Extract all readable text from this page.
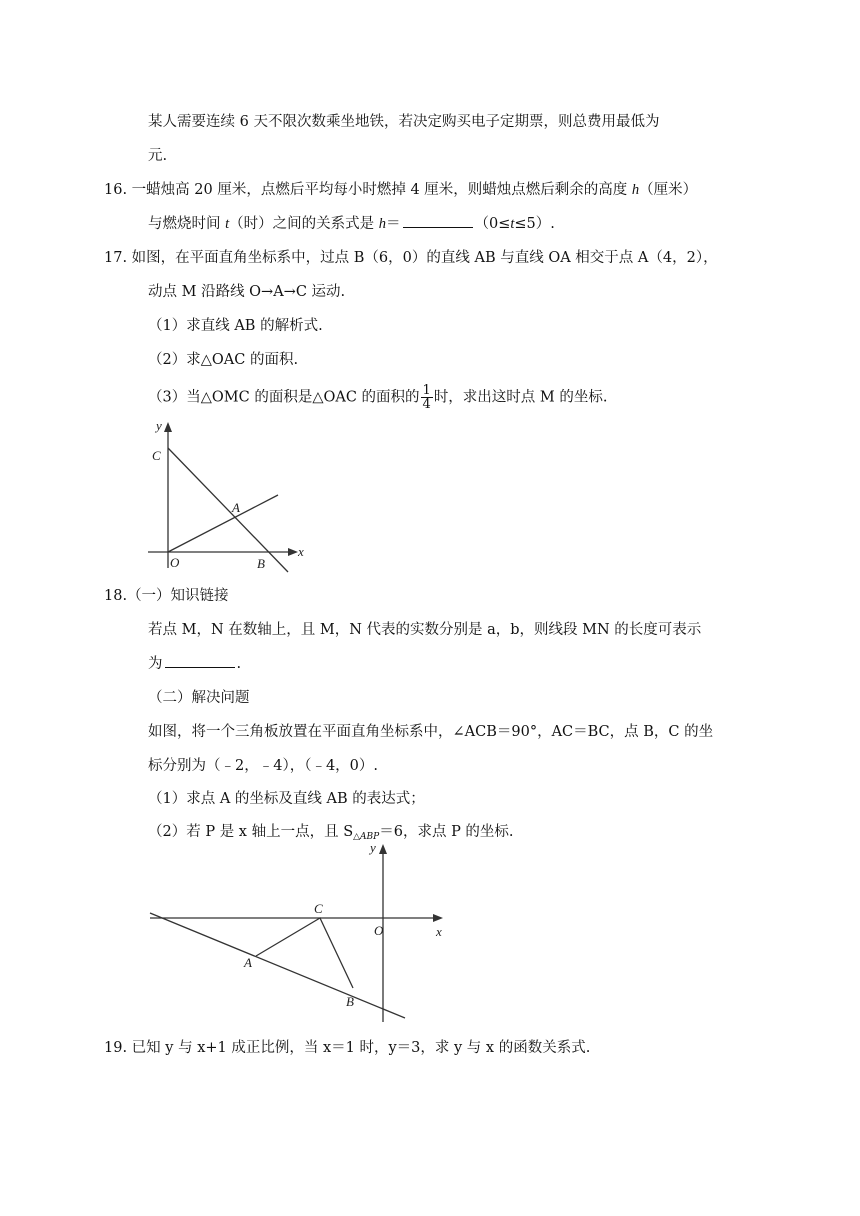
某人需要连续 6 天不限次数乘坐地铁，若决定购买电子定期票，则总费用最低为
元.
16. 一蜡烛高 20 厘米，点燃后平均每小时燃掉 4 厘米，则蜡烛点燃后剩余的高度 h（厘米）
与燃烧时间 t（时）之间的关系式是 h＝	（0≤t≤5）.
17. 如图，在平面直角坐标系中，过点 B（6，0）的直线 AB 与直线 OA 相交于点 A（4，2），
动点 M 沿路线 O→A→C 运动.
（1）求直线 AB 的解析式.
（2）求△OAC 的面积.
（3）当△OMC 的面积是△OAC 的面积的 $\frac{1}{4}$ 时，求出这时点 M 的坐标.
y
x
C
A
O	B
18.（一）知识链接
若点 M，N 在数轴上，且 M，N 代表的实数分别是 a，b，则线段 MN 的长度可表示
为	.
（二）解决问题
如图，将一个三角板放置在平面直角坐标系中，∠ACB＝90°，AC＝BC，点 B，C 的坐
标分别为（﹣2，﹣4），（﹣4，0）.
（1）求点 A 的坐标及直线 AB 的表达式；
（2）若 P 是 x 轴上一点，且 $S_{\triangle ABP}=6$，求点 P 的坐标.
y
x
C
O
A
B
19. 已知 y 与 x+1 成正比例，当 x＝1 时，y＝3，求 y 与 x 的函数关系式.
